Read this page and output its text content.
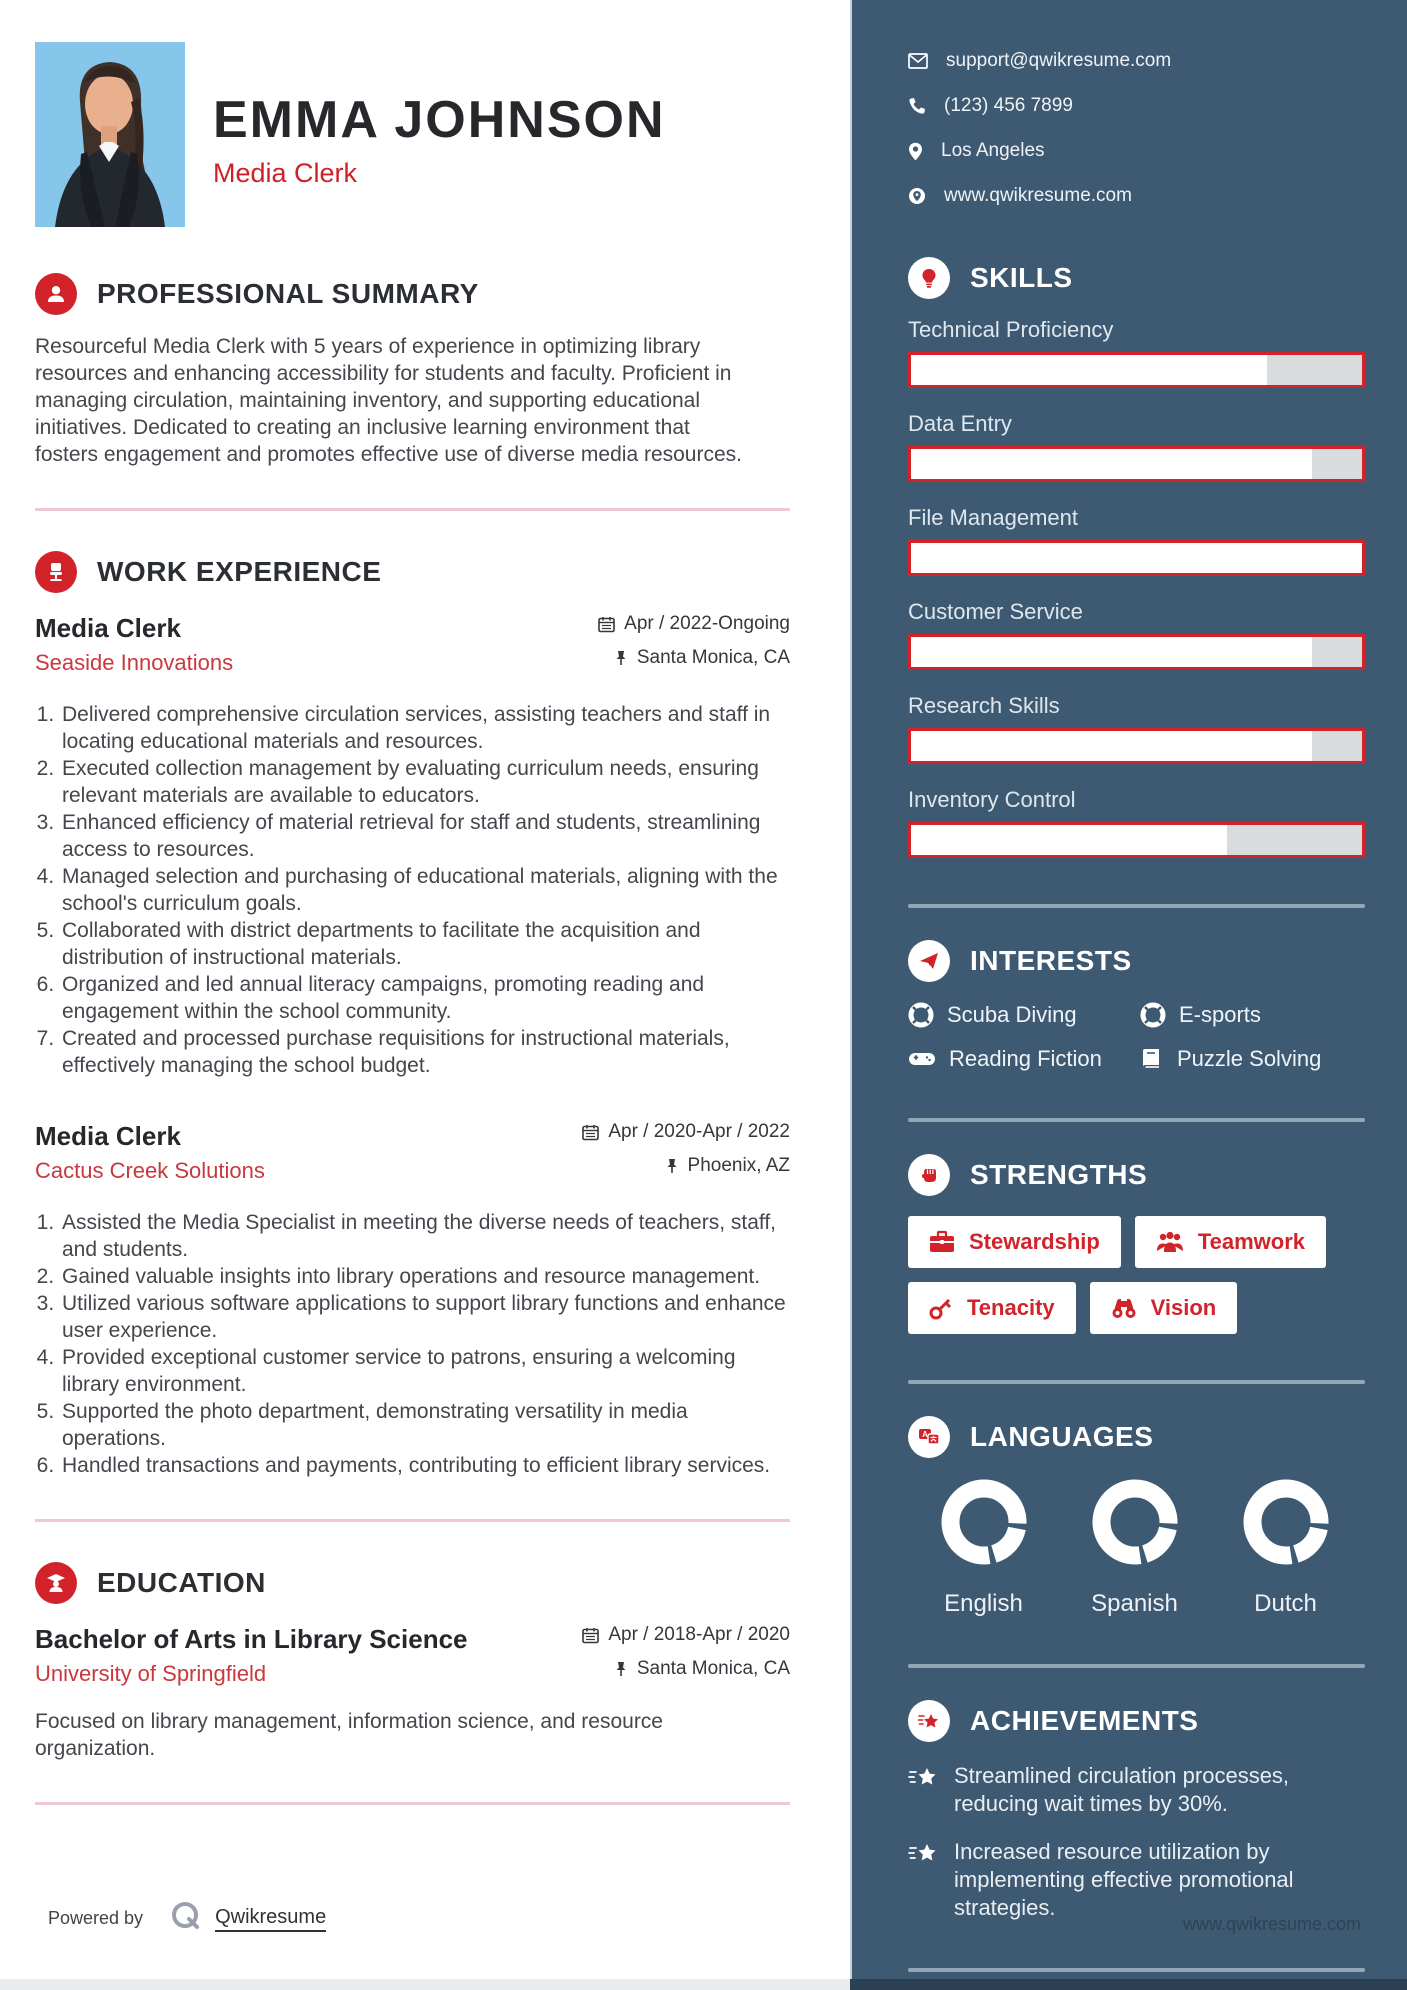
EMMA JOHNSON
Media Clerk
PROFESSIONAL SUMMARY
Resourceful Media Clerk with 5 years of experience in optimizing library resources and enhancing accessibility for students and faculty. Proficient in managing circulation, maintaining inventory, and supporting educational initiatives. Dedicated to creating an inclusive learning environment that fosters engagement and promotes effective use of diverse media resources.
WORK EXPERIENCE
Media Clerk
Seaside Innovations
Apr / 2022-Ongoing
Santa Monica, CA
1. Delivered comprehensive circulation services, assisting teachers and staff in locating educational materials and resources.
2. Executed collection management by evaluating curriculum needs, ensuring relevant materials are available to educators.
3. Enhanced efficiency of material retrieval for staff and students, streamlining access to resources.
4. Managed selection and purchasing of educational materials, aligning with the school's curriculum goals.
5. Collaborated with district departments to facilitate the acquisition and distribution of instructional materials.
6. Organized and led annual literacy campaigns, promoting reading and engagement within the school community.
7. Created and processed purchase requisitions for instructional materials, effectively managing the school budget.
Media Clerk
Cactus Creek Solutions
Apr / 2020-Apr / 2022
Phoenix, AZ
1. Assisted the Media Specialist in meeting the diverse needs of teachers, staff, and students.
2. Gained valuable insights into library operations and resource management.
3. Utilized various software applications to support library functions and enhance user experience.
4. Provided exceptional customer service to patrons, ensuring a welcoming library environment.
5. Supported the photo department, demonstrating versatility in media operations.
6. Handled transactions and payments, contributing to efficient library services.
EDUCATION
Bachelor of Arts in Library Science
University of Springfield
Apr / 2018-Apr / 2020
Santa Monica, CA
Focused on library management, information science, and resource organization.
Powered by	Qwikresume
support@qwikresume.com
(123) 456 7899
Los Angeles
www.qwikresume.com
SKILLS
Technical Proficiency
Data Entry
File Management
Customer Service
Research Skills
Inventory Control
INTERESTS
Scuba Diving	E-sports
Reading Fiction	Puzzle Solving
STRENGTHS
Stewardship	Teamwork
Tenacity	Vision
A LANGUAGES
English	Spanish	Dutch
ACHIEVEMENTS
Streamlined circulation processes, reducing wait times by 30%.
Increased resource utilization by implementing effective promotional strategies.
www.qwikresume.com
